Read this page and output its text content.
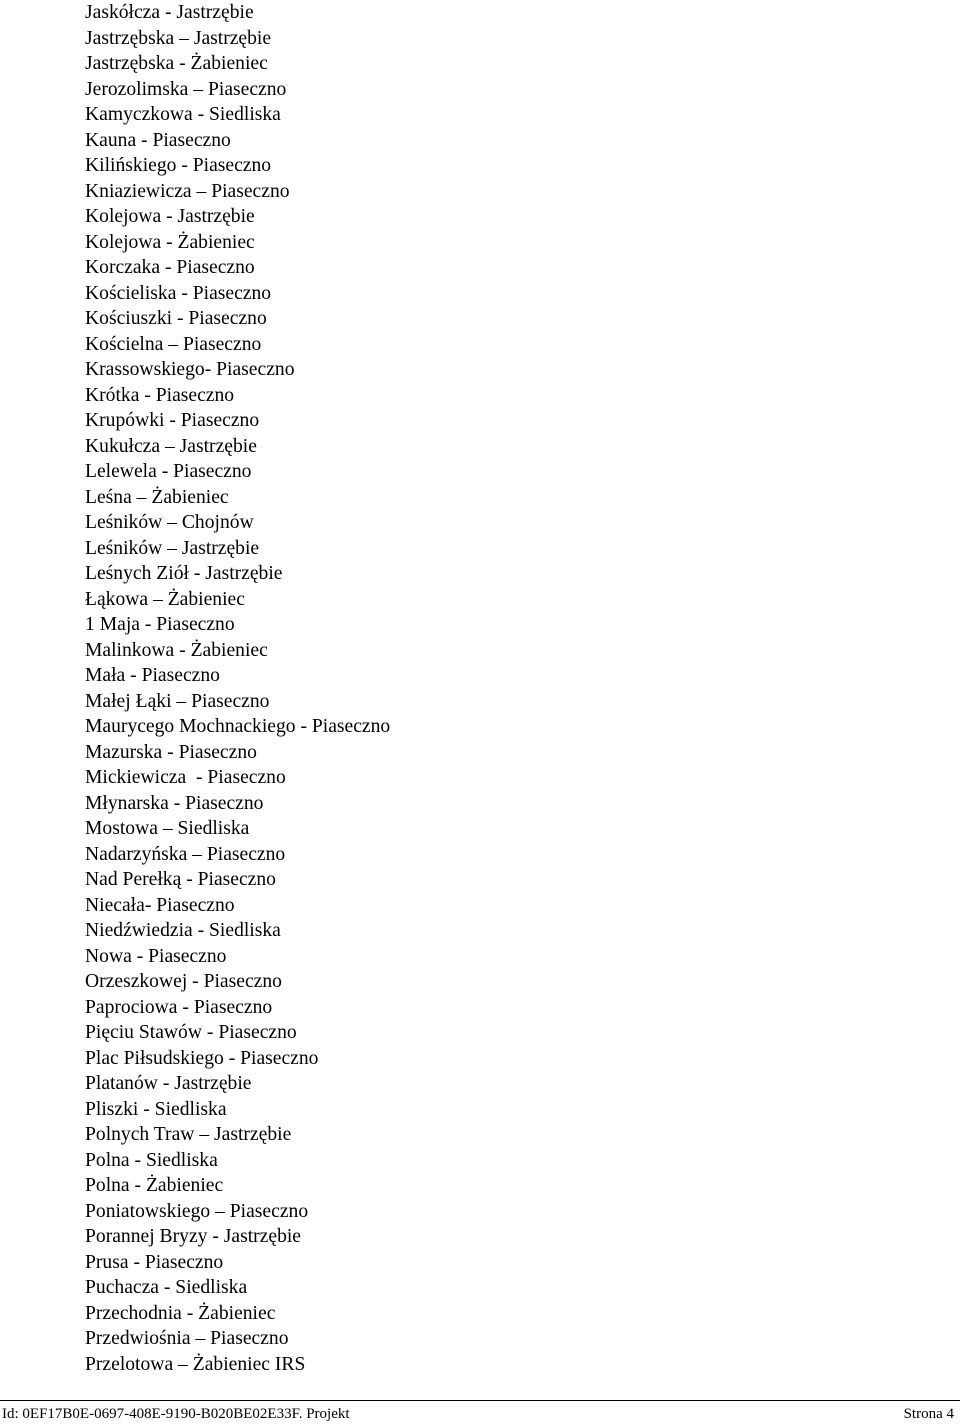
Jaskółcza - Jastrzębie
Jastrzębska – Jastrzębie
Jastrzębska - Żabieniec
Jerozolimska – Piaseczno
Kamyczkowa - Siedliska
Kauna - Piaseczno
Kilińskiego - Piaseczno
Kniaziewicza – Piaseczno
Kolejowa - Jastrzębie
Kolejowa - Żabieniec
Korczaka - Piaseczno
Kościeliska - Piaseczno
Kościuszki - Piaseczno
Kościelna – Piaseczno
Krassowskiego- Piaseczno
Krótka - Piaseczno
Krupówki - Piaseczno
Kukułcza – Jastrzębie
Lelewela - Piaseczno
Leśna – Żabieniec
Leśników – Chojnów
Leśników – Jastrzębie
Leśnych Ziół - Jastrzębie
Łąkowa – Żabieniec
1 Maja - Piaseczno
Malinkowa - Żabieniec
Mała - Piaseczno
Małej Łąki – Piaseczno
Maurycego Mochnackiego - Piaseczno
Mazurska - Piaseczno
Mickiewicza  - Piaseczno
Młynarska - Piaseczno
Mostowa – Siedliska
Nadarzyńska – Piaseczno
Nad Perełką - Piaseczno
Niecała- Piaseczno
Niedźwiedzia - Siedliska
Nowa - Piaseczno
Orzeszkowej - Piaseczno
Paprociowa - Piaseczno
Pięciu Stawów - Piaseczno
Plac Piłsudskiego - Piaseczno
Platanów - Jastrzębie
Pliszki - Siedliska
Polnych Traw – Jastrzębie
Polna - Siedliska
Polna - Żabieniec
Poniatowskiego – Piaseczno
Porannej Bryzy - Jastrzębie
Prusa - Piaseczno
Puchacza - Siedliska
Przechodnia - Żabieniec
Przedwiośnia – Piaseczno
Przelotowa – Żabieniec IRS
Id: 0EF17B0E-0697-408E-9190-B020BE02E33F. Projekt	Strona 4
